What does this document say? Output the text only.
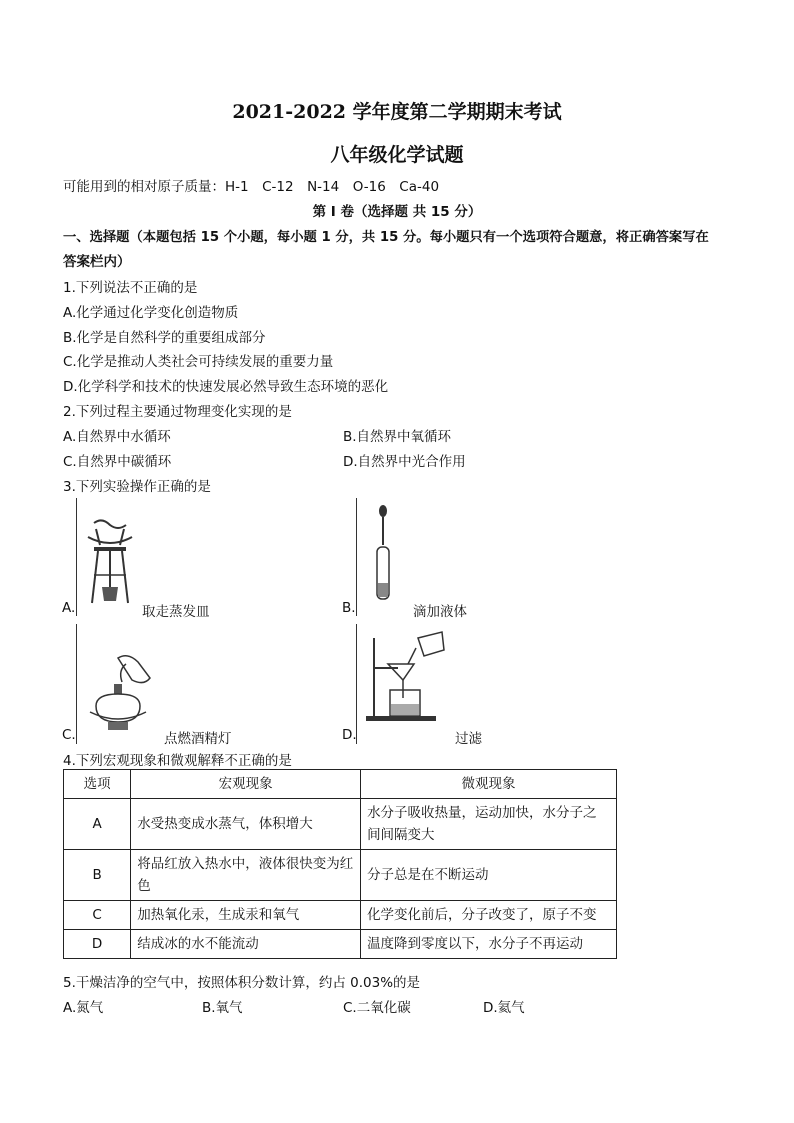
2021-2022 学年度第二学期期末考试
八年级化学试题
可能用到的相对原子质量：H-1　C-12　N-14　O-16　Ca-40
第 I 卷（选择题 共 15 分）
一、选择题（本题包括 15 个小题，每小题 1 分，共 15 分。每小题只有一个选项符合题意，将正确答案写在
答案栏内）
1.下列说法不正确的是
A.化学通过化学变化创造物质
B.化学是自然科学的重要组成部分
C.化学是推动人类社会可持续发展的重要力量
D.化学科学和技术的快速发展必然导致生态环境的恶化
2.下列过程主要通过物理变化实现的是
A.自然界中水循环	B.自然界中氧循环
C.自然界中碳循环	D.自然界中光合作用
3.下列实验操作正确的是
A.	取走蒸发皿	B.	滴加液体
C.	点燃酒精灯	D.	过滤
4.下列宏观现象和微观解释不正确的是
选项	宏观现象	微观现象
A	水受热变成水蒸气，体积增大	水分子吸收热量，运动加快，水分子之间间隔变大
B	将品红放入热水中，液体很快变为红色	分子总是在不断运动
C	加热氧化汞，生成汞和氧气	化学变化前后，分子改变了，原子不变
D	结成冰的水不能流动	温度降到零度以下，水分子不再运动
5.干燥洁净的空气中，按照体积分数计算，约占 0.03%的是
A.氮气	B.氧气	C.二氧化碳	D.氦气
